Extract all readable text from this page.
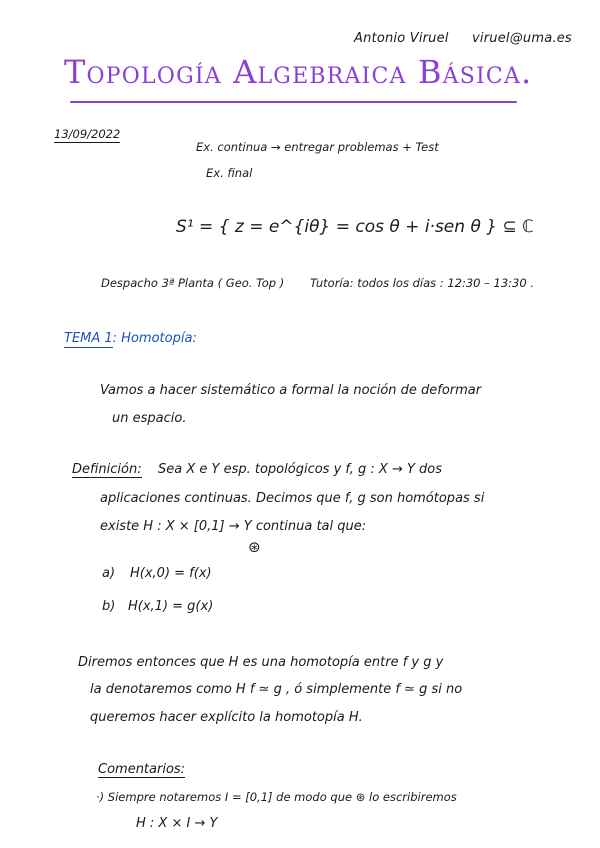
Antonio Viruel viruel@uma.es
Topología Algebraica Básica.
13/09/2022
Ex. continua → entregar problemas + Test
Ex. final
S¹ = { z = e^{iθ} = cos θ + i·sen θ } ⊆ ℂ
Despacho 3ª Planta ( Geo. Top ) Tutoría: todos los días : 12:30 – 13:30 .
TEMA 1: Homotopía:
Vamos a hacer sistemático a formal la noción de deformar
un espacio.
Definición: Sea X e Y esp. topológicos y f, g : X → Y dos
aplicaciones continuas. Decimos que f, g son homótopas si
existe H : X × [0,1] → Y continua tal que:
⊛
a) H(x,0) = f(x)
b) H(x,1) = g(x)
Diremos entonces que H es una homotopía entre f y g y
la denotaremos como H f ≃ g , ó simplemente f ≃ g si no
queremos hacer explícito la homotopía H.
Comentarios:
·) Siempre notaremos I = [0,1] de modo que ⊛ lo escribiremos
H : X × I → Y
